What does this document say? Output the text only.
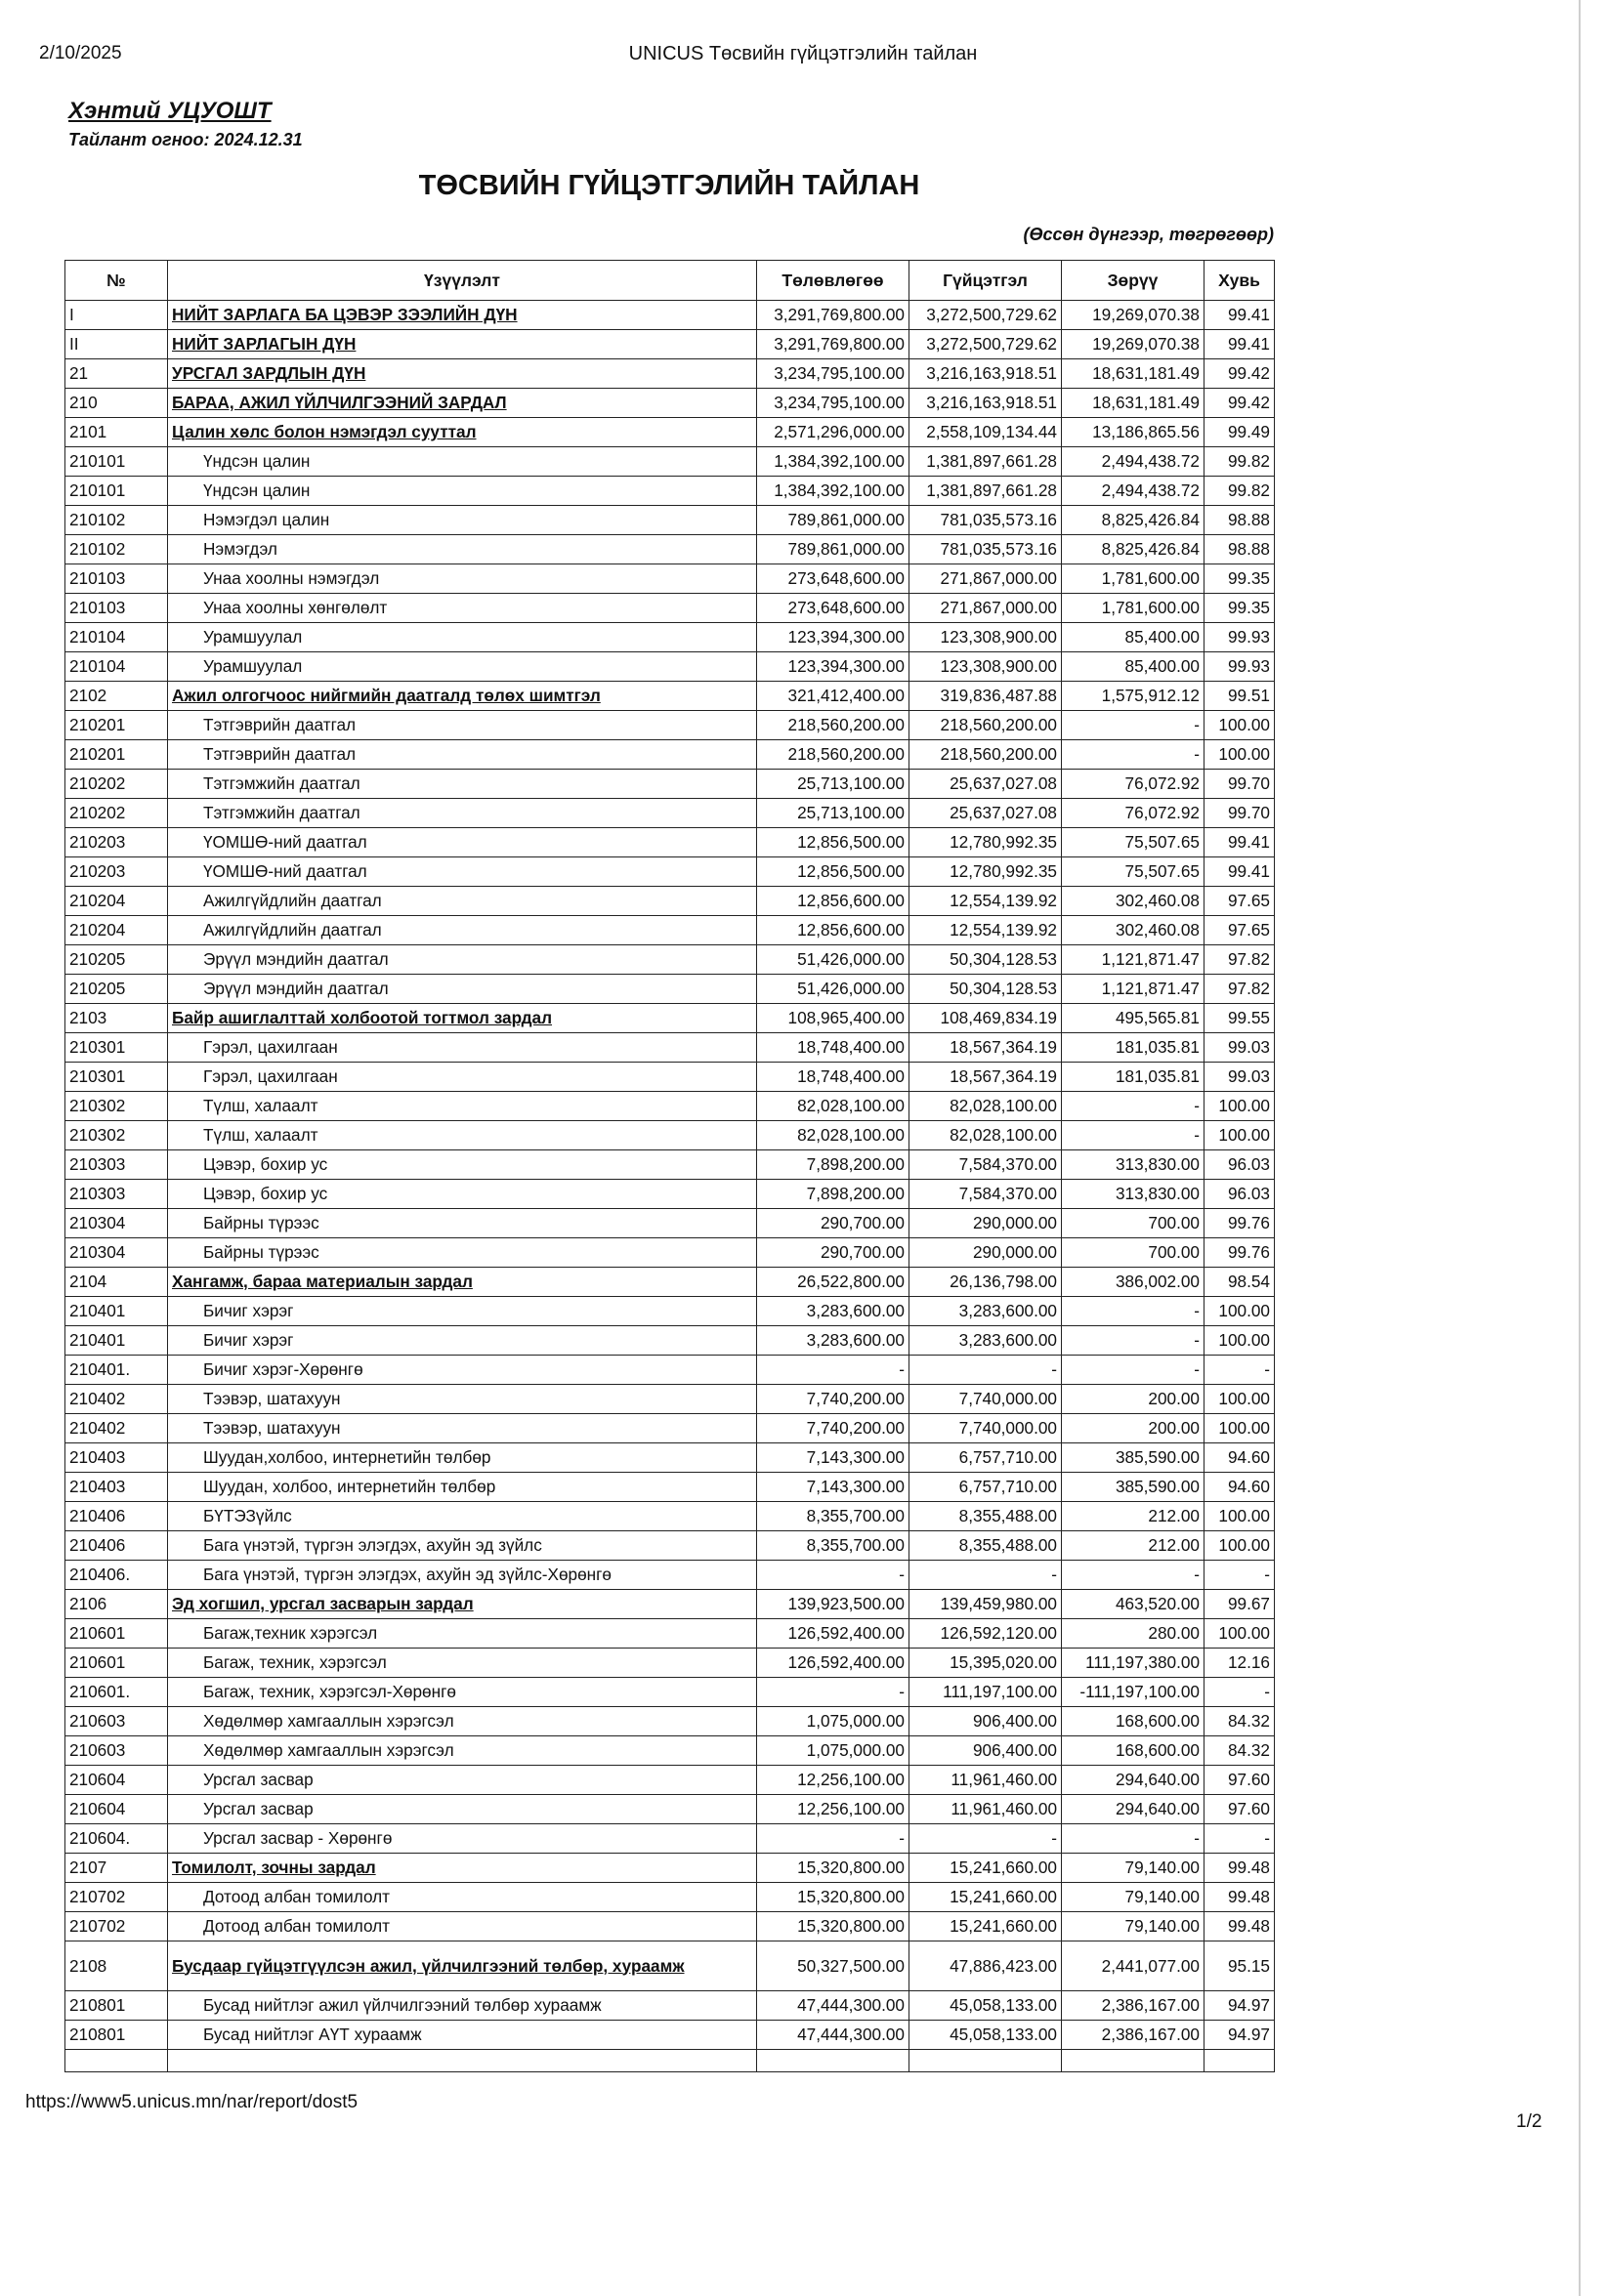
2/10/2025	UNICUS Төсвийн гүйцэтгэлийн тайлан
Хэнтий УЦУОШТ
Тайлант огноо: 2024.12.31
ТӨСВИЙН ГҮЙЦЭТГЭЛИЙН ТАЙЛАН
(Өссөн дүнгээр, төгрөгөөр)
№	Үзүүлэлт	Төлөвлөгөө	Гүйцэтгэл	Зөрүү	Хувь
I	НИЙТ ЗАРЛАГА БА ЦЭВЭР ЗЭЭЛИЙН ДҮН	3,291,769,800.00	3,272,500,729.62	19,269,070.38	99.41
II	НИЙТ ЗАРЛАГЫН ДҮН	3,291,769,800.00	3,272,500,729.62	19,269,070.38	99.41
21	УРСГАЛ ЗАРДЛЫН ДҮН	3,234,795,100.00	3,216,163,918.51	18,631,181.49	99.42
210	БАРАА, АЖИЛ ҮЙЛЧИЛГЭЭНИЙ ЗАРДАЛ	3,234,795,100.00	3,216,163,918.51	18,631,181.49	99.42
2101	Цалин хөлс болон нэмэгдэл сууттал	2,571,296,000.00	2,558,109,134.44	13,186,865.56	99.49
210101	Үндсэн цалин	1,384,392,100.00	1,381,897,661.28	2,494,438.72	99.82
210101	Үндсэн цалин	1,384,392,100.00	1,381,897,661.28	2,494,438.72	99.82
210102	Нэмэгдэл цалин	789,861,000.00	781,035,573.16	8,825,426.84	98.88
210102	Нэмэгдэл	789,861,000.00	781,035,573.16	8,825,426.84	98.88
210103	Унаа хоолны нэмэгдэл	273,648,600.00	271,867,000.00	1,781,600.00	99.35
210103	Унаа хоолны хөнгөлөлт	273,648,600.00	271,867,000.00	1,781,600.00	99.35
210104	Урамшуулал	123,394,300.00	123,308,900.00	85,400.00	99.93
210104	Урамшуулал	123,394,300.00	123,308,900.00	85,400.00	99.93
2102	Ажил олгогчоос нийгмийн даатгалд төлөх шимтгэл	321,412,400.00	319,836,487.88	1,575,912.12	99.51
210201	Тэтгэврийн даатгал	218,560,200.00	218,560,200.00	-	100.00
210201	Тэтгэврийн даатгал	218,560,200.00	218,560,200.00	-	100.00
210202	Тэтгэмжийн даатгал	25,713,100.00	25,637,027.08	76,072.92	99.70
210202	Тэтгэмжийн даатгал	25,713,100.00	25,637,027.08	76,072.92	99.70
210203	ҮОМШӨ-ний даатгал	12,856,500.00	12,780,992.35	75,507.65	99.41
210203	ҮОМШӨ-ний даатгал	12,856,500.00	12,780,992.35	75,507.65	99.41
210204	Ажилгүйдлийн даатгал	12,856,600.00	12,554,139.92	302,460.08	97.65
210204	Ажилгүйдлийн даатгал	12,856,600.00	12,554,139.92	302,460.08	97.65
210205	Эрүүл мэндийн даатгал	51,426,000.00	50,304,128.53	1,121,871.47	97.82
210205	Эрүүл мэндийн даатгал	51,426,000.00	50,304,128.53	1,121,871.47	97.82
2103	Байр ашиглалттай холбоотой тогтмол зардал	108,965,400.00	108,469,834.19	495,565.81	99.55
210301	Гэрэл, цахилгаан	18,748,400.00	18,567,364.19	181,035.81	99.03
210301	Гэрэл, цахилгаан	18,748,400.00	18,567,364.19	181,035.81	99.03
210302	Түлш, халаалт	82,028,100.00	82,028,100.00	-	100.00
210302	Түлш, халаалт	82,028,100.00	82,028,100.00	-	100.00
210303	Цэвэр, бохир ус	7,898,200.00	7,584,370.00	313,830.00	96.03
210303	Цэвэр, бохир ус	7,898,200.00	7,584,370.00	313,830.00	96.03
210304	Байрны түрээс	290,700.00	290,000.00	700.00	99.76
210304	Байрны түрээс	290,700.00	290,000.00	700.00	99.76
2104	Хангамж, бараа материалын зардал	26,522,800.00	26,136,798.00	386,002.00	98.54
210401	Бичиг хэрэг	3,283,600.00	3,283,600.00	-	100.00
210401	Бичиг хэрэг	3,283,600.00	3,283,600.00	-	100.00
210401.	Бичиг хэрэг-Хөрөнгө	-	-	-	-
210402	Тээвэр, шатахуун	7,740,200.00	7,740,000.00	200.00	100.00
210402	Тээвэр, шатахуун	7,740,200.00	7,740,000.00	200.00	100.00
210403	Шуудан,холбоо, интернетийн төлбөр	7,143,300.00	6,757,710.00	385,590.00	94.60
210403	Шуудан, холбоо, интернетийн төлбөр	7,143,300.00	6,757,710.00	385,590.00	94.60
210406	БҮТЭЗүйлс	8,355,700.00	8,355,488.00	212.00	100.00
210406	Бага үнэтэй, түргэн элэгдэх, ахуйн эд зүйлс	8,355,700.00	8,355,488.00	212.00	100.00
210406.	Бага үнэтэй, түргэн элэгдэх, ахуйн эд зүйлс-Хөрөнгө	-	-	-	-
2106	Эд хогшил, урсгал засварын зардал	139,923,500.00	139,459,980.00	463,520.00	99.67
210601	Багаж,техник хэрэгсэл	126,592,400.00	126,592,120.00	280.00	100.00
210601	Багаж, техник, хэрэгсэл	126,592,400.00	15,395,020.00	111,197,380.00	12.16
210601.	Багаж, техник, хэрэгсэл-Хөрөнгө	-	111,197,100.00	-111,197,100.00	-
210603	Хөдөлмөр хамгааллын хэрэгсэл	1,075,000.00	906,400.00	168,600.00	84.32
210603	Хөдөлмөр хамгааллын хэрэгсэл	1,075,000.00	906,400.00	168,600.00	84.32
210604	Урсгал засвар	12,256,100.00	11,961,460.00	294,640.00	97.60
210604	Урсгал засвар	12,256,100.00	11,961,460.00	294,640.00	97.60
210604.	Урсгал засвар - Хөрөнгө	-	-	-	-
2107	Томилолт, зочны зардал	15,320,800.00	15,241,660.00	79,140.00	99.48
210702	Дотоод албан томилолт	15,320,800.00	15,241,660.00	79,140.00	99.48
210702	Дотоод албан томилолт	15,320,800.00	15,241,660.00	79,140.00	99.48
2108	Бусдаар гүйцэтгүүлсэн ажил, үйлчилгээний төлбөр, хураамж	50,327,500.00	47,886,423.00	2,441,077.00	95.15
210801	Бусад нийтлэг ажил үйлчилгээний төлбөр хураамж	47,444,300.00	45,058,133.00	2,386,167.00	94.97
210801	Бусад нийтлэг АҮТ хураамж	47,444,300.00	45,058,133.00	2,386,167.00	94.97

https://www5.unicus.mn/nar/report/dost5
1/2
